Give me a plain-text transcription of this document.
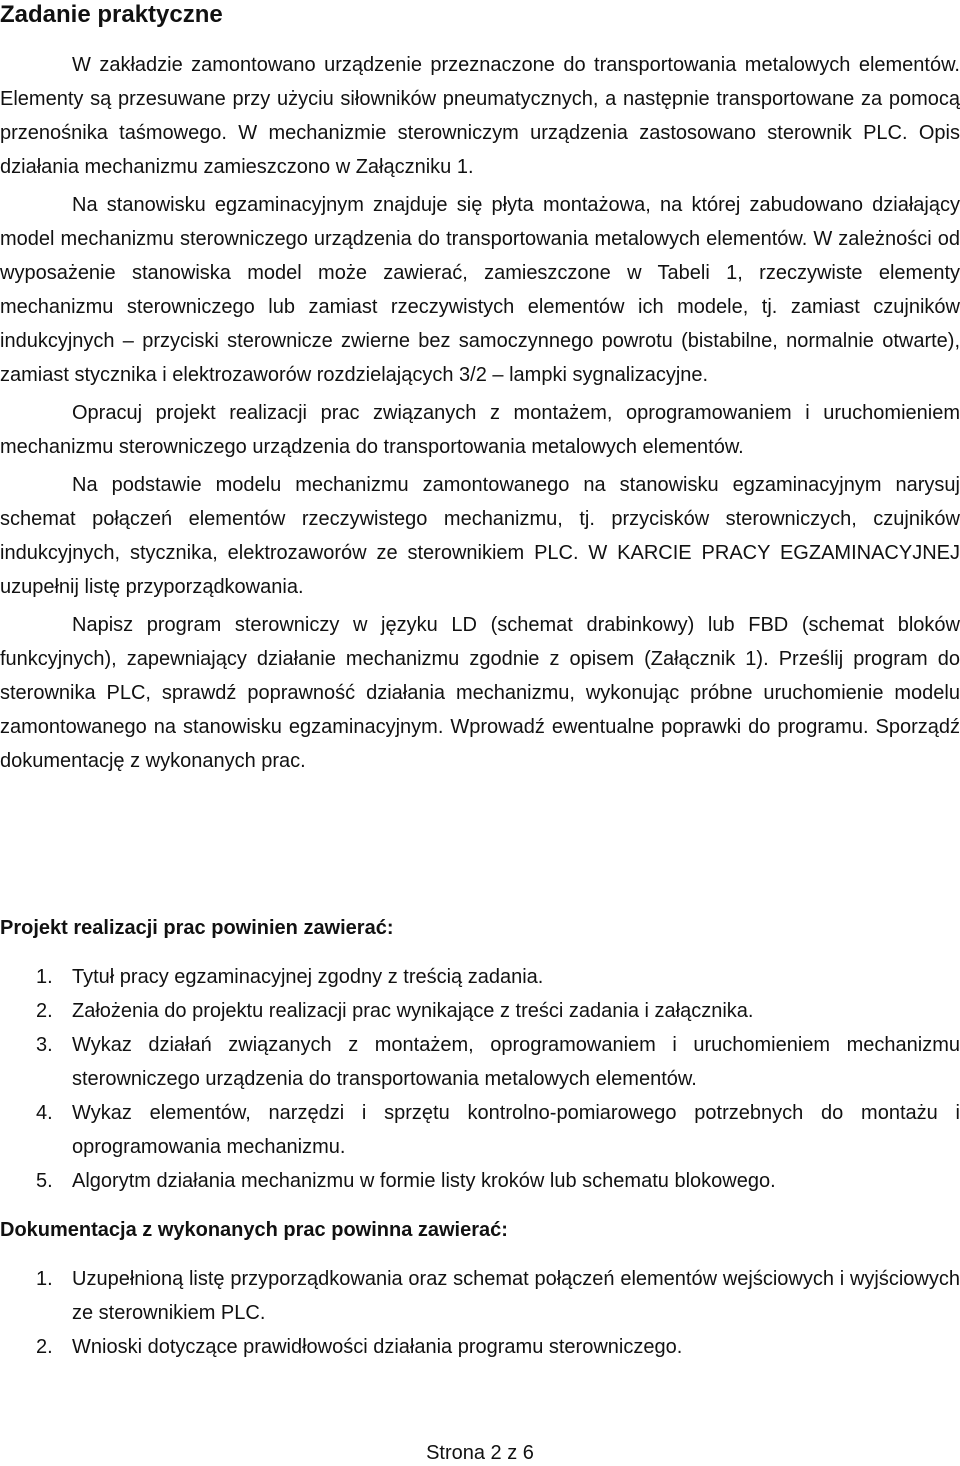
Zadanie praktyczne

W zakładzie zamontowano urządzenie przeznaczone do transportowania metalowych elementów. Elementy są przesuwane przy użyciu siłowników pneumatycznych, a następnie transportowane za pomocą przenośnika taśmowego. W mechanizmie sterowniczym urządzenia zastosowano sterownik PLC. Opis działania mechanizmu zamieszczono w Załączniku 1.

Na stanowisku egzaminacyjnym znajduje się płyta montażowa, na której zabudowano działający model mechanizmu sterowniczego urządzenia do transportowania metalowych elementów. W zależności od wyposażenie stanowiska model może zawierać, zamieszczone w Tabeli 1, rzeczywiste elementy mechanizmu sterowniczego lub zamiast rzeczywistych elementów ich modele, tj. zamiast czujników indukcyjnych – przyciski sterownicze zwierne bez samoczynnego powrotu (bistabilne, normalnie otwarte), zamiast stycznika i elektrozaworów rozdzielających 3/2 – lampki sygnalizacyjne.

Opracuj projekt realizacji prac związanych z montażem, oprogramowaniem i uruchomieniem mechanizmu sterowniczego urządzenia do transportowania metalowych elementów.

Na podstawie modelu mechanizmu zamontowanego na stanowisku egzaminacyjnym narysuj schemat połączeń elementów rzeczywistego mechanizmu, tj. przycisków sterowniczych, czujników indukcyjnych, stycznika, elektrozaworów ze sterownikiem PLC. W KARCIE PRACY EGZAMINACYJNEJ uzupełnij listę przyporządkowania.

Napisz program sterowniczy w języku LD (schemat drabinkowy) lub FBD (schemat bloków funkcyjnych), zapewniający działanie mechanizmu zgodnie z opisem (Załącznik 1). Prześlij program do sterownika PLC, sprawdź poprawność działania mechanizmu, wykonując próbne uruchomienie modelu zamontowanego na stanowisku egzaminacyjnym. Wprowadź ewentualne poprawki do programu. Sporządź dokumentację z wykonanych prac.

Projekt realizacji prac powinien zawierać:
1. Tytuł pracy egzaminacyjnej zgodny z treścią zadania.
2. Założenia do projektu realizacji prac wynikające z treści zadania i załącznika.
3. Wykaz działań związanych z montażem, oprogramowaniem i uruchomieniem mechanizmu sterowniczego urządzenia do transportowania metalowych elementów.
4. Wykaz elementów, narzędzi i sprzętu kontrolno-pomiarowego potrzebnych do montażu i oprogramowania mechanizmu.
5. Algorytm działania mechanizmu w formie listy kroków lub schematu blokowego.
Dokumentacja z wykonanych prac powinna zawierać:
1. Uzupełnioną listę przyporządkowania oraz schemat połączeń elementów wejściowych i wyjściowych ze sterownikiem PLC.
2. Wnioski dotyczące prawidłowości działania programu sterowniczego.
Strona 2 z 6
